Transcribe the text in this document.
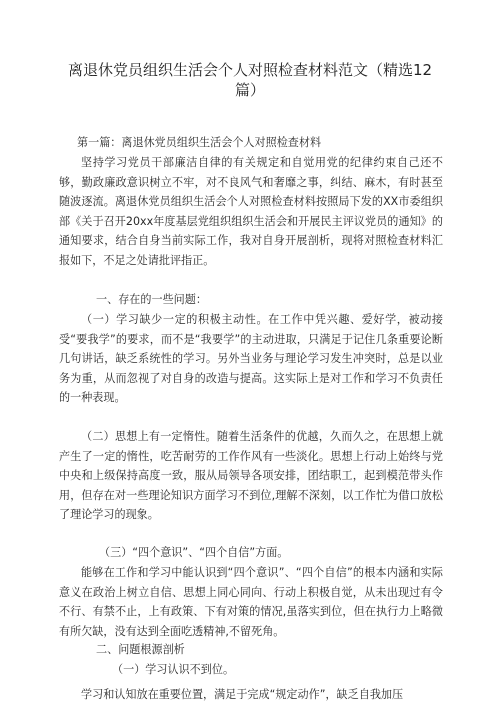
离退休党员组织生活会个人对照检查材料范文（精选12篇）
第一篇：离退休党员组织生活会个人对照检查材料
坚持学习党员干部廉洁自律的有关规定和自觉用党的纪律约束自己还不够，勤政廉政意识树立不牢，对不良风气和奢靡之事，纠结、麻木，有时甚至随波逐流。离退休党员组织生活会个人对照检查材料按照局下发的XX市委组织部《关于召开20xx年度基层党组织组织生活会和开展民主评议党员的通知》的通知要求，结合自身当前实际工作，我对自身开展剖析，现将对照检查材料汇报如下，不足之处请批评指正。
一、存在的一些问题：
（一）学习缺少一定的积极主动性。在工作中凭兴趣、爱好学，被动接受“要我学”的要求，而不是“我要学”的主动进取，只满足于记住几条重要论断几句讲话，缺乏系统性的学习。另外当业务与理论学习发生冲突时，总是以业务为重，从而忽视了对自身的改造与提高。这实际上是对工作和学习不负责任的一种表现。
（二）思想上有一定惰性。随着生活条件的优越，久而久之，在思想上就产生了一定的惰性，吃苦耐劳的工作作风有一些淡化。思想上行动上始终与党中央和上级保持高度一致，服从局领导各项安排，团结职工，起到模范带头作用，但存在对一些理论知识方面学习不到位,理解不深刻，以工作忙为借口放松了理论学习的现象。
（三）“四个意识”、“四个自信”方面。
能够在工作和学习中能认识到“四个意识”、“四个自信”的根本内涵和实际意义在政治上树立自信、思想上同心同向、行动上积极自觉，从未出现过有令不行、有禁不止，上有政策、下有对策的情况,虽落实到位，但在执行力上略微有所欠缺，没有达到全面吃透精神,不留死角。
二、问题根源剖析
（一）学习认识不到位。
学习和认知放在重要位置，满足于完成“规定动作”，缺乏自我加压
